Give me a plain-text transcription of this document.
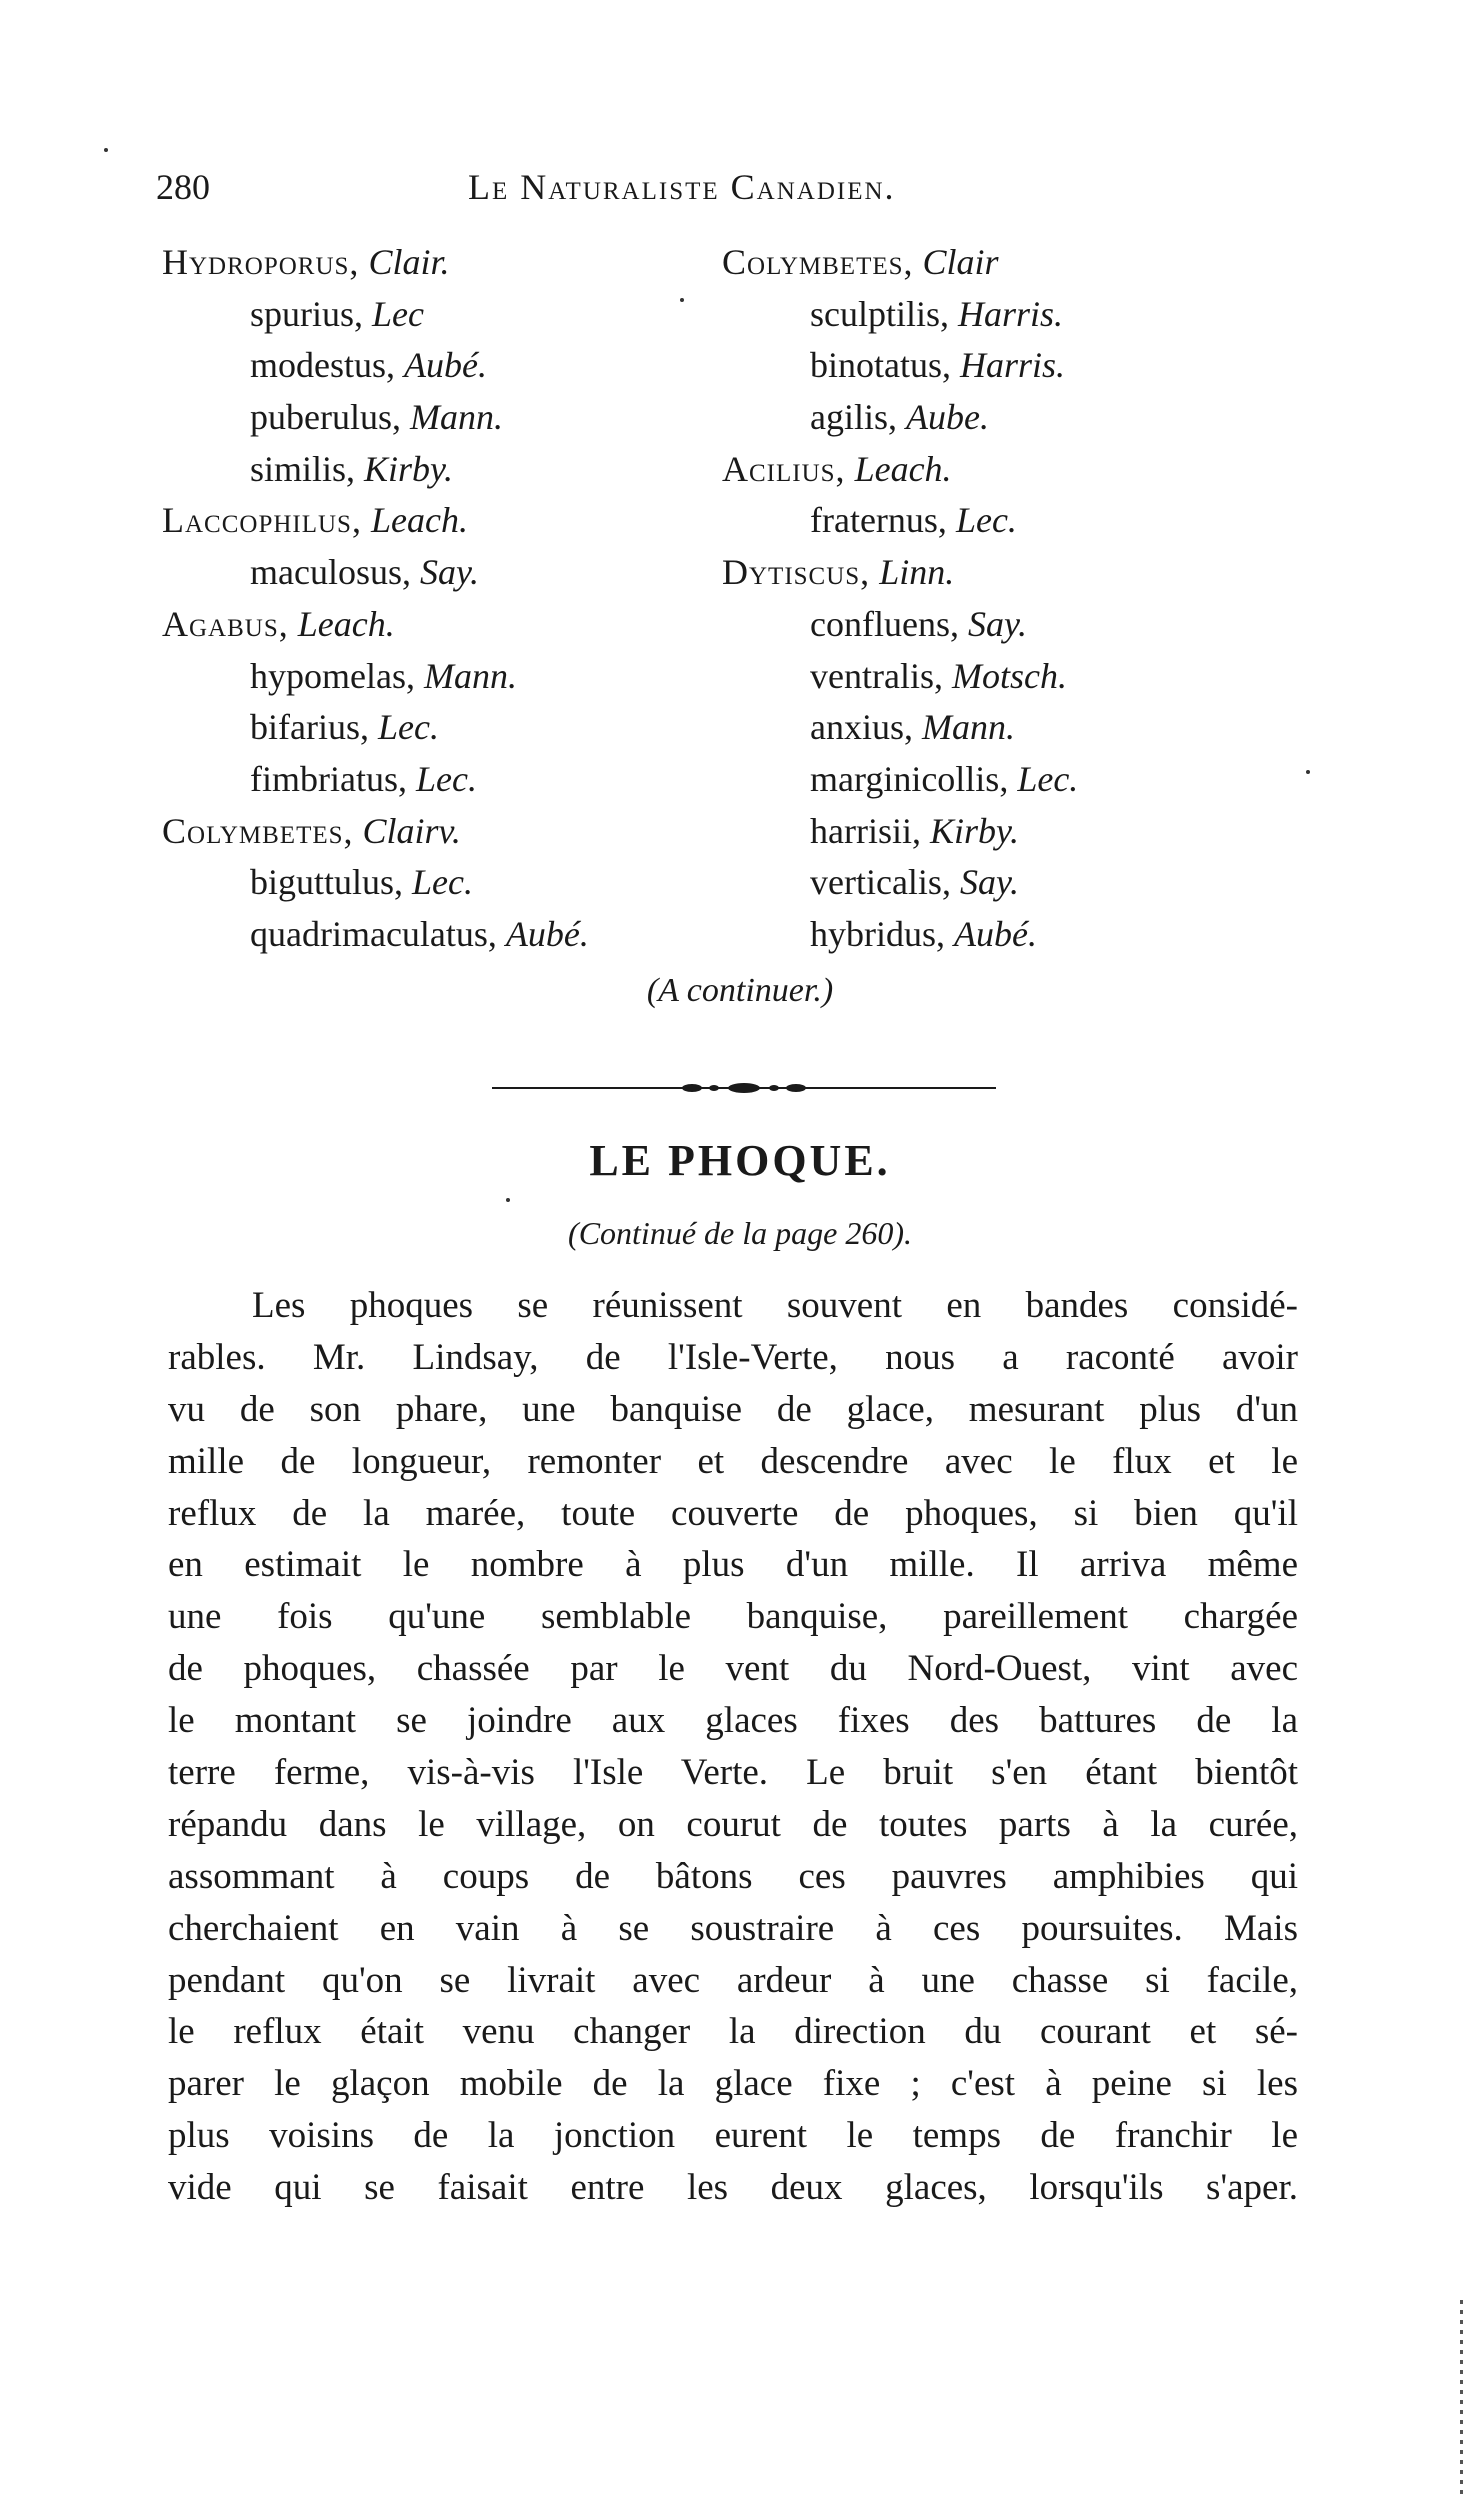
280	Le Naturaliste Canadien.
Hydroporus, Clair.
spurius, Lec
modestus, Aubé.
puberulus, Mann.
similis, Kirby.
Laccophilus, Leach.
maculosus, Say.
Agabus, Leach.
hypomelas, Mann.
bifarius, Lec.
fimbriatus, Lec.
Colymbetes, Clairv.
biguttulus, Lec.
quadrimaculatus, Aubé.
Colymbetes, Clair
sculptilis, Harris.
binotatus, Harris.
agilis, Aube.
Acilius, Leach.
fraternus, Lec.
Dytiscus, Linn.
confluens, Say.
ventralis, Motsch.
anxius, Mann.
marginicollis, Lec.
harrisii, Kirby.
verticalis, Say.
hybridus, Aubé.
(A continuer.)
LE PHOQUE.
(Continué de la page 260).
Les phoques se réunissent souvent en bandes considé-
rables. Mr. Lindsay, de l'Isle-Verte, nous a raconté avoir
vu de son phare, une banquise de glace, mesurant plus d'un
mille de longueur, remonter et descendre avec le flux et le
reflux de la marée, toute couverte de phoques, si bien qu'il
en estimait le nombre à plus d'un mille. Il arriva même
une fois qu'une semblable banquise, pareillement chargée
de phoques, chassée par le vent du Nord-Ouest, vint avec
le montant se joindre aux glaces fixes des battures de la
terre ferme, vis-à-vis l'Isle Verte. Le bruit s'en étant bientôt
répandu dans le village, on courut de toutes parts à la curée,
assommant à coups de bâtons ces pauvres amphibies qui
cherchaient en vain à se soustraire à ces poursuites. Mais
pendant qu'on se livrait avec ardeur à une chasse si facile,
le reflux était venu changer la direction du courant et sé-
parer le glaçon mobile de la glace fixe ; c'est à peine si les
plus voisins de la jonction eurent le temps de franchir le
vide qui se faisait entre les deux glaces, lorsqu'ils s'aper.
